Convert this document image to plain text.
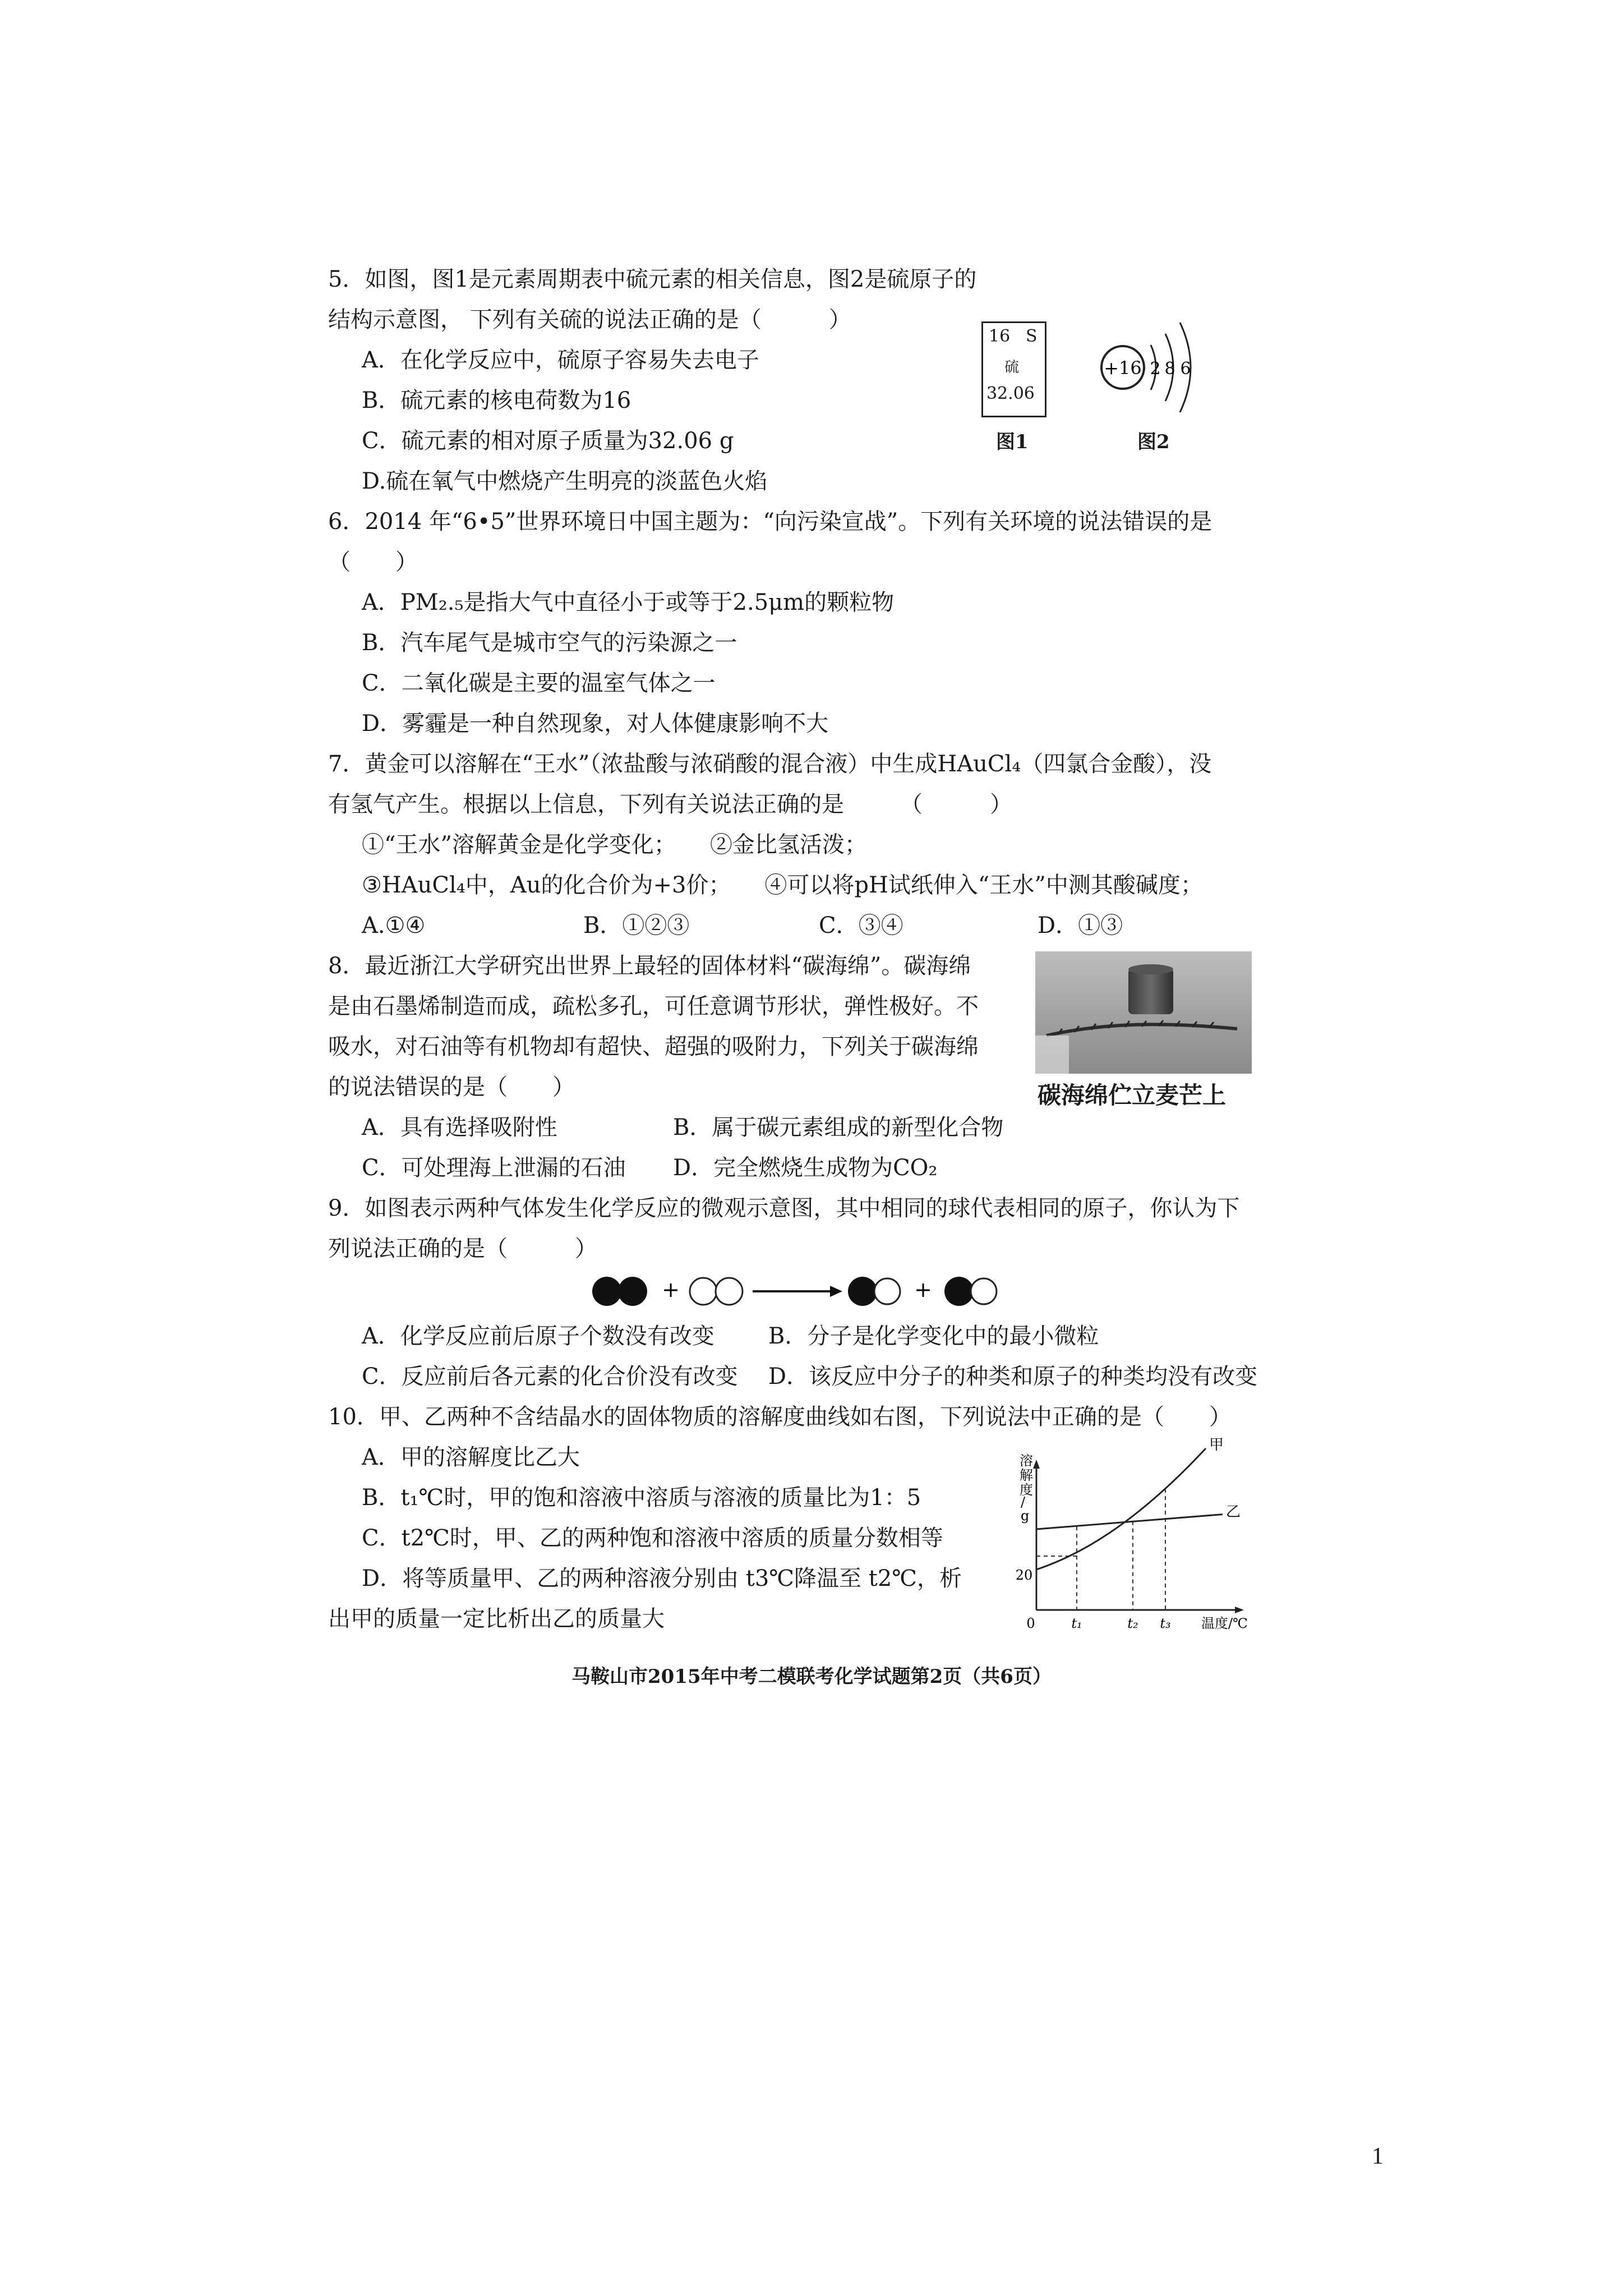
5．如图，图1是元素周期表中硫元素的相关信息，图2是硫原子的
结构示意图， 下列有关硫的说法正确的是（　　　）
A．在化学反应中，硫原子容易失去电子
B．硫元素的核电荷数为16
C．硫元素的相对原子质量为32.06 g
D.硫在氧气中燃烧产生明亮的淡蓝色火焰
16 S
硫
32.06
图1
+16 2 8 6
图2
6．2014 年“6•5”世界环境日中国主题为：“向污染宣战”。下列有关环境的说法错误的是
（　　）
A．PM₂.₅是指大气中直径小于或等于2.5μm的颗粒物
B．汽车尾气是城市空气的污染源之一
C．二氧化碳是主要的温室气体之一
D．雾霾是一种自然现象，对人体健康影响不大
7．黄金可以溶解在“王水”（浓盐酸与浓硝酸的混合液）中生成HAuCl₄（四氯合金酸），没
有氢气产生。根据以上信息，下列有关说法正确的是　　　（　　　）
①“王水”溶解黄金是化学变化；　　②金比氢活泼；
③HAuCl₄中，Au的化合价为+3价；　　④可以将pH试纸伸入“王水”中测其酸碱度；
A.①④	B．①②③	C．③④	D．①③
8．最近浙江大学研究出世界上最轻的固体材料“碳海绵”。碳海绵
是由石墨烯制造而成，疏松多孔，可任意调节形状，弹性极好。不
吸水，对石油等有机物却有超快、超强的吸附力，下列关于碳海绵
的说法错误的是（　　）
A．具有选择吸附性	B．属于碳元素组成的新型化合物
C．可处理海上泄漏的石油 D．完全燃烧生成物为CO₂
碳海绵伫立麦芒上
9．如图表示两种气体发生化学反应的微观示意图，其中相同的球代表相同的原子，你认为下
列说法正确的是（　　　）
+	+
A．化学反应前后原子个数没有改变 B．分子是化学变化中的最小微粒
C．反应前后各元素的化合价没有改变 D．该反应中分子的种类和原子的种类均没有改变
10．甲、乙两种不含结晶水的固体物质的溶解度曲线如右图，下列说法中正确的是（　　）
A．甲的溶解度比乙大
B．t₁℃时，甲的饱和溶液中溶质与溶液的质量比为1：5
C．t2℃时，甲、乙的两种饱和溶液中溶质的质量分数相等
D．将等质量甲、乙的两种溶液分别由 t3℃降温至 t2℃，析
出甲的质量一定比析出乙的质量大
溶
解
度
/
g
0
20
t₁	t₂ t₃
甲
乙
温度/℃
马鞍山市2015年中考二模联考化学试题第2页（共6页）
1
